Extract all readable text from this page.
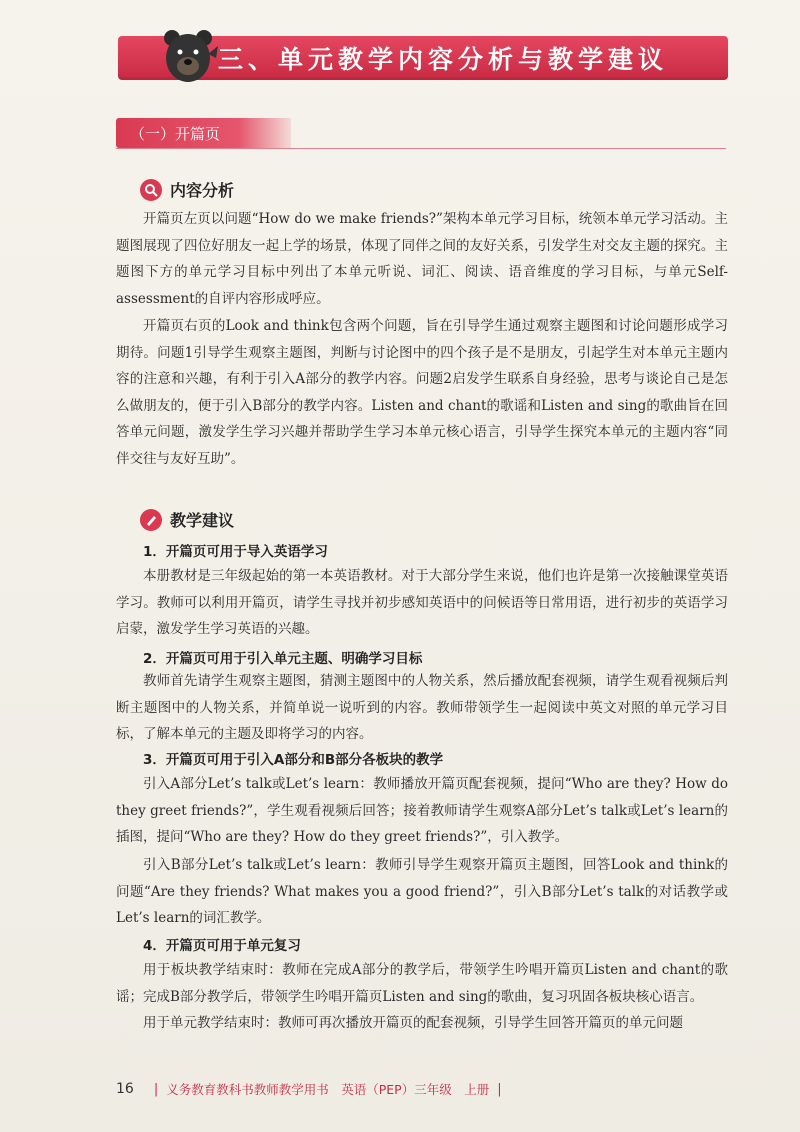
三、单元教学内容分析与教学建议
（一）开篇页
内容分析

开篇页左页以问题“How do we make friends?”架构本单元学习目标，统领本单元学习活动。主题图展现了四位好朋友一起上学的场景，体现了同伴之间的友好关系，引发学生对交友主题的探究。主题图下方的单元学习目标中列出了本单元听说、词汇、阅读、语音维度的学习目标，与单元Self-assessment的自评内容形成呼应。

开篇页右页的Look and think包含两个问题，旨在引导学生通过观察主题图和讨论问题形成学习期待。问题1引导学生观察主题图，判断与讨论图中的四个孩子是不是朋友，引起学生对本单元主题内容的注意和兴趣，有利于引入A部分的教学内容。问题2启发学生联系自身经验，思考与谈论自己是怎么做朋友的，便于引入B部分的教学内容。Listen and chant的歌谣和Listen and sing的歌曲旨在回答单元问题，激发学生学习兴趣并帮助学生学习本单元核心语言，引导学生探究本单元的主题内容“同伴交往与友好互助”。

教学建议
1．开篇页可用于导入英语学习

本册教材是三年级起始的第一本英语教材。对于大部分学生来说，他们也许是第一次接触课堂英语学习。教师可以利用开篇页，请学生寻找并初步感知英语中的问候语等日常用语，进行初步的英语学习启蒙，激发学生学习英语的兴趣。

2．开篇页可用于引入单元主题、明确学习目标

教师首先请学生观察主题图，猜测主题图中的人物关系，然后播放配套视频，请学生观看视频后判断主题图中的人物关系，并简单说一说听到的内容。教师带领学生一起阅读中英文对照的单元学习目标，了解本单元的主题及即将学习的内容。

3．开篇页可用于引入A部分和B部分各板块的教学

引入A部分Let’s talk或Let’s learn：教师播放开篇页配套视频，提问“Who are they? How do they greet friends?”，学生观看视频后回答；接着教师请学生观察A部分Let’s talk或Let’s learn的插图，提问“Who are they? How do they greet friends?”，引入教学。

引入B部分Let’s talk或Let’s learn：教师引导学生观察开篇页主题图，回答Look and think的问题“Are they friends? What makes you a good friend?”，引入B部分Let’s talk的对话教学或Let’s learn的词汇教学。

4．开篇页可用于单元复习

用于板块教学结束时：教师在完成A部分的教学后，带领学生吟唱开篇页Listen and chant的歌谣；完成B部分教学后，带领学生吟唱开篇页Listen and sing的歌曲，复习巩固各板块核心语言。

用于单元教学结束时：教师可再次播放开篇页的配套视频，引导学生回答开篇页的单元问题

16 | 义务教育教科书教师教学用书　英语（PEP）三年级　上册 |
